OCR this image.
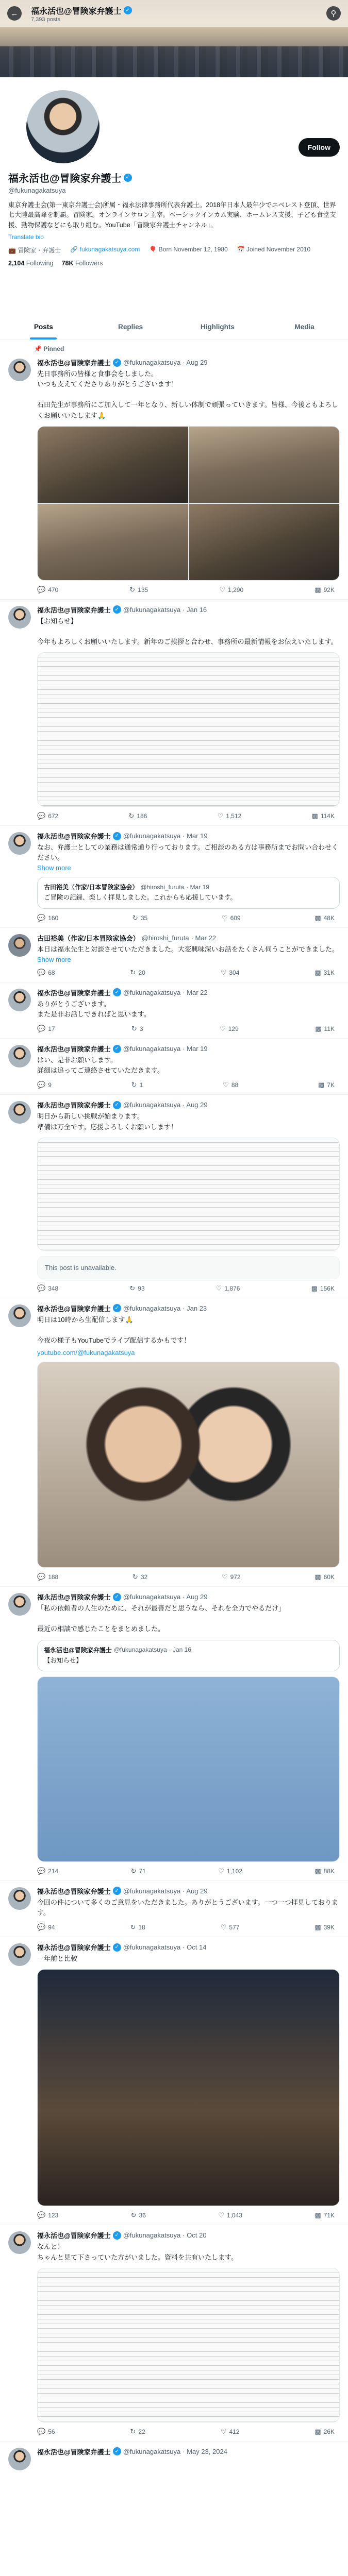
←	福永活也@冒険家弁護士 ✓
7,393 posts
⚲
Follow
福永活也@冒険家弁護士 ✓
@fukunagakatsuya
東京弁護士会(第一東京弁護士会)所属・福永法律事務所代表弁護士。2018年日本人最年少でエベレスト登頂、世界七大陸最高峰を制覇。冒険家。オンラインサロン主宰。ベーシックインカム実験、ホームレス支援、子ども食堂支援、動物保護などにも取り組む。YouTube「冒険家弁護士チャンネル」。
Translate bio
💼 冒険家・弁護士 🔗 fukunagakatsuya.com 🎈 Born November 12, 1980 📅 Joined November 2010
2,104 Following 78K Followers
Posts	Replies	Highlights	Media
📌 Pinned
福永活也@冒険家弁護士 ✓ @fukunagakatsuya · Aug 29
先日事務所の皆様と食事会をしました。
いつも支えてくださりありがとうございます！

石田先生が事務所にご加入して一年となり、新しい体制で頑張っていきます。皆様、今後ともよろしくお願いいたします🙏
💬 470	↻ 135	♡ 1,290	▩ 92K
福永活也@冒険家弁護士 ✓ @fukunagakatsuya · Jan 16
【お知らせ】

今年もよろしくお願いいたします。新年のご挨拶と合わせ、事務所の最新情報をお伝えいたします。
💬 672	↻ 186	♡ 1,512	▩ 114K
福永活也@冒険家弁護士 ✓ @fukunagakatsuya · Mar 19
なお、弁護士としての業務は通常通り行っております。ご相談のある方は事務所までお問い合わせください。
Show more
古田裕美（作家/日本冒険家協会） @hiroshi_furuta · Mar 19
ご冒険の記録、楽しく拝見しました。これからも応援しています。
💬 160	↻ 35	♡ 609	▩ 48K
古田裕美（作家/日本冒険家協会） @hiroshi_furuta · Mar 22
本日は福永先生と対談させていただきました。大変興味深いお話をたくさん伺うことができました。
Show more
💬 68	↻ 20	♡ 304	▩ 31K
福永活也@冒険家弁護士 ✓ @fukunagakatsuya · Mar 22
ありがとうございます。
また是非お話しできればと思います。
💬 17	↻ 3	♡ 129	▩ 11K
福永活也@冒険家弁護士 ✓ @fukunagakatsuya · Mar 19
はい、是非お願いします。
詳細は追ってご連絡させていただきます。
💬 9	↻ 1	♡ 88	▩ 7K
福永活也@冒険家弁護士 ✓ @fukunagakatsuya · Aug 29
明日から新しい挑戦が始まります。
準備は万全です。応援よろしくお願いします！
This post is unavailable.
💬 348	↻ 93	♡ 1,876	▩ 156K
福永活也@冒険家弁護士 ✓ @fukunagakatsuya · Jan 23
明日は10時から生配信します🙏

今夜の様子もYouTubeでライブ配信するかもです！
youtube.com/@fukunagakatsuya
💬 188	↻ 32	♡ 972	▩ 60K
福永活也@冒険家弁護士 ✓ @fukunagakatsuya · Aug 29
「私の依頼者の人生のために、それが最善だと思うなら、それを全力でやるだけ」

最近の相談で感じたことをまとめました。
福永活也@冒険家弁護士 @fukunagakatsuya · Jan 16
【お知らせ】
💬 214	↻ 71	♡ 1,102	▩ 88K
福永活也@冒険家弁護士 ✓ @fukunagakatsuya · Aug 29
今回の件について多くのご意見をいただきました。ありがとうございます。一つ一つ拝見しております。
💬 94	↻ 18	♡ 577	▩ 39K
福永活也@冒険家弁護士 ✓ @fukunagakatsuya · Oct 14
一年前と比較
💬 123	↻ 36	♡ 1,043	▩ 71K
福永活也@冒険家弁護士 ✓ @fukunagakatsuya · Oct 20
なんと！
ちゃんと見て下さっていた方がいました。資料を共有いたします。
💬 56	↻ 22	♡ 412	▩ 26K
福永活也@冒険家弁護士 ✓ @fukunagakatsuya · May 23, 2024
